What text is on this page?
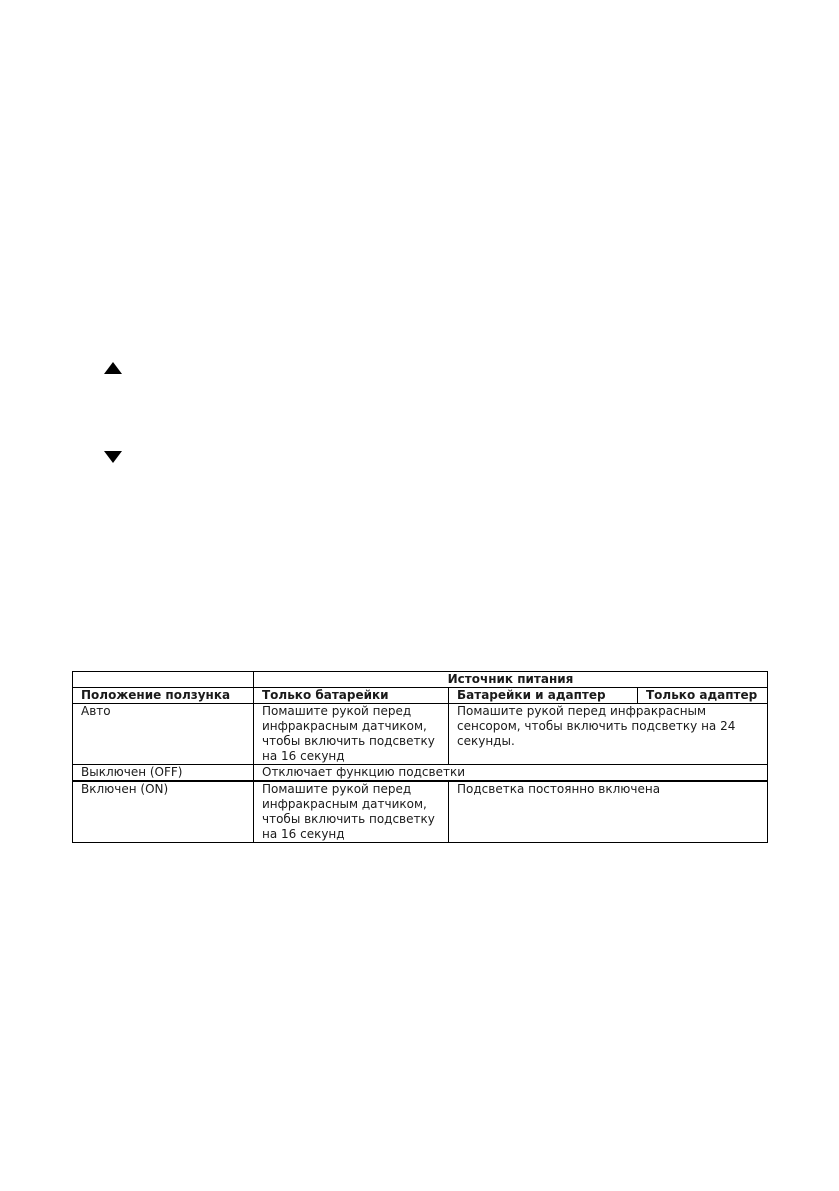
	Источник питания		
Положение ползунка	Только батарейки	Батарейки и адаптер	Только адаптер
Авто	Помашите рукой перед инфракрасным датчиком, чтобы включить подсветку на 16 секунд	Помашите рукой перед инфракрасным сенсором, чтобы включить подсветку на 24 секунды.	
Выключен (OFF)	Отключает функцию подсветки		
Включен (ON)	Помашите рукой перед инфракрасным датчиком, чтобы включить подсветку на 16 секунд	Подсветка постоянно включена	
